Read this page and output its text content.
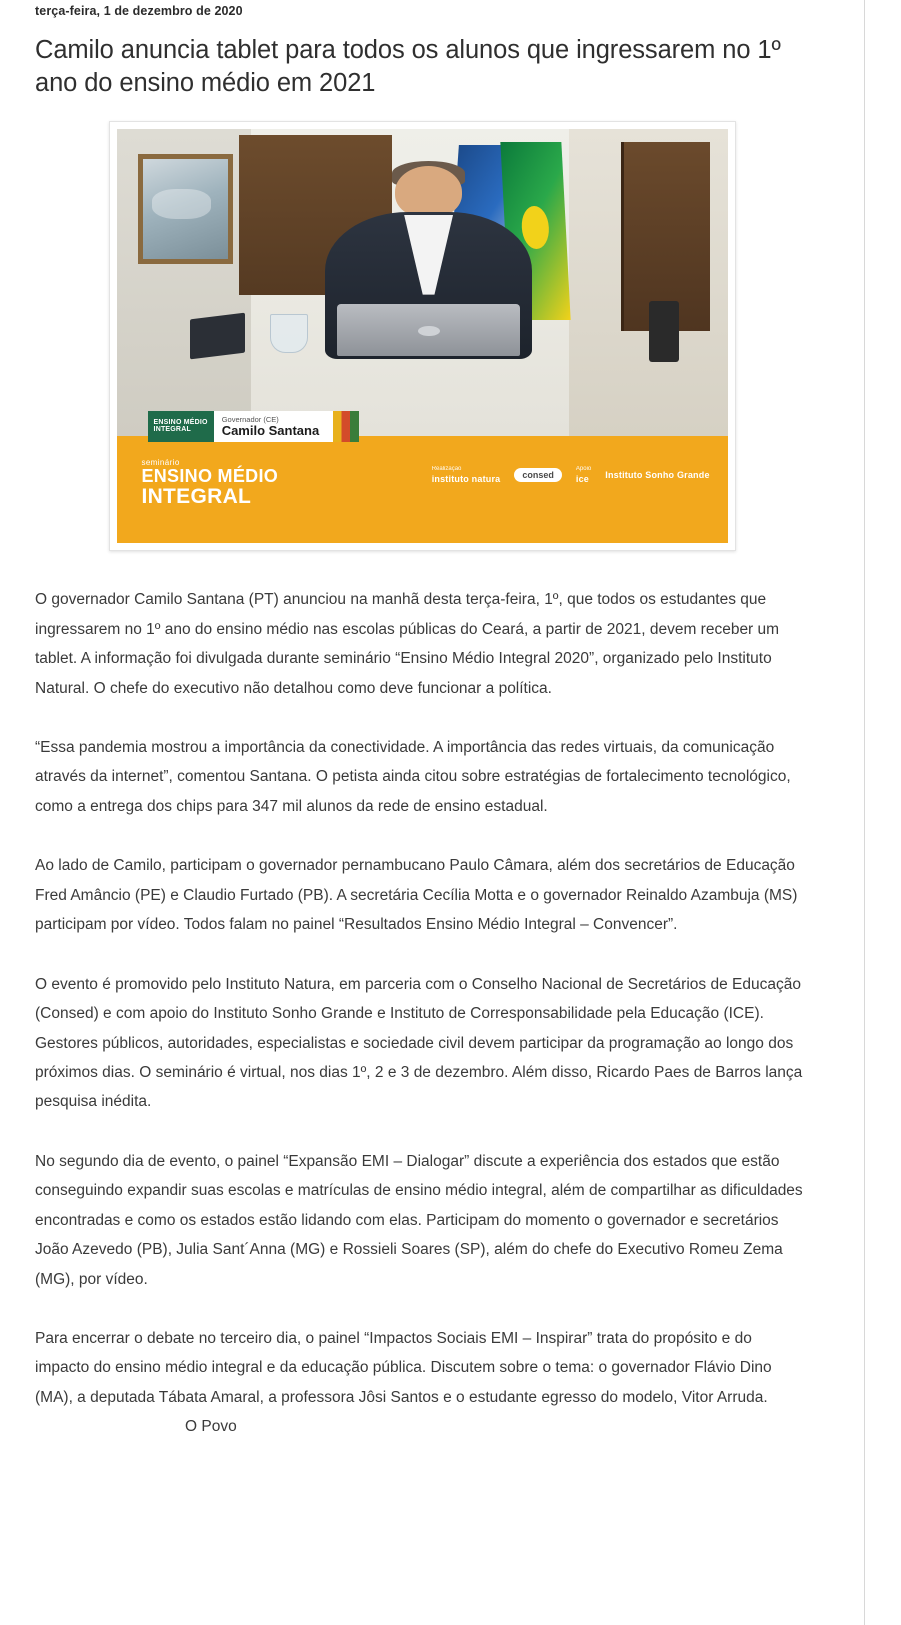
terça-feira, 1 de dezembro de 2020
Camilo anuncia tablet para todos os alunos que ingressarem no 1º ano do ensino médio em 2021
ENSINO MÉDIO
INTEGRAL
Governador (CE)
Camilo Santana
seminário
ENSINO MÉDIO
INTEGRAL
Realização
instituto natura	consed
Apoio
ice Instituto Sonho Grande

O governador Camilo Santana (PT) anunciou na manhã desta terça-feira, 1º, que todos os estudantes que ingressarem no 1º ano do ensino médio nas escolas públicas do Ceará, a partir de 2021, devem receber um tablet. A informação foi divulgada durante seminário “Ensino Médio Integral 2020”, organizado pelo Instituto Natural. O chefe do executivo não detalhou como deve funcionar a política.

“Essa pandemia mostrou a importância da conectividade. A importância das redes virtuais, da comunicação através da internet”, comentou Santana. O petista ainda citou sobre estratégias de fortalecimento tecnológico, como a entrega dos chips para 347 mil alunos da rede de ensino estadual.

Ao lado de Camilo, participam o governador pernambucano Paulo Câmara, além dos secretários de Educação Fred Amâncio (PE) e Claudio Furtado (PB). A secretária Cecília Motta e o governador Reinaldo Azambuja (MS) participam por vídeo. Todos falam no painel “Resultados Ensino Médio Integral – Convencer”.

O evento é promovido pelo Instituto Natura, em parceria com o Conselho Nacional de Secretários de Educação (Consed) e com apoio do Instituto Sonho Grande e Instituto de Corresponsabilidade pela Educação (ICE). Gestores públicos, autoridades, especialistas e sociedade civil devem participar da programação ao longo dos próximos dias. O seminário é virtual, nos dias 1º, 2 e 3 de dezembro. Além disso, Ricardo Paes de Barros lança pesquisa inédita.

No segundo dia de evento, o painel “Expansão EMI – Dialogar” discute a experiência dos estados que estão conseguindo expandir suas escolas e matrículas de ensino médio integral, além de compartilhar as dificuldades encontradas e como os estados estão lidando com elas. Participam do momento o governador e secretários João Azevedo (PB), Julia Sant´Anna (MG) e Rossieli Soares (SP), além do chefe do Executivo Romeu Zema (MG), por vídeo.

Para encerrar o debate no terceiro dia, o painel “Impactos Sociais EMI – Inspirar” trata do propósito e do impacto do ensino médio integral e da educação pública. Discutem sobre o tema: o governador Flávio Dino (MA), a deputada Tábata Amaral, a professora Jôsi Santos e o estudante egresso do modelo, Vitor Arruda.

O Povo
